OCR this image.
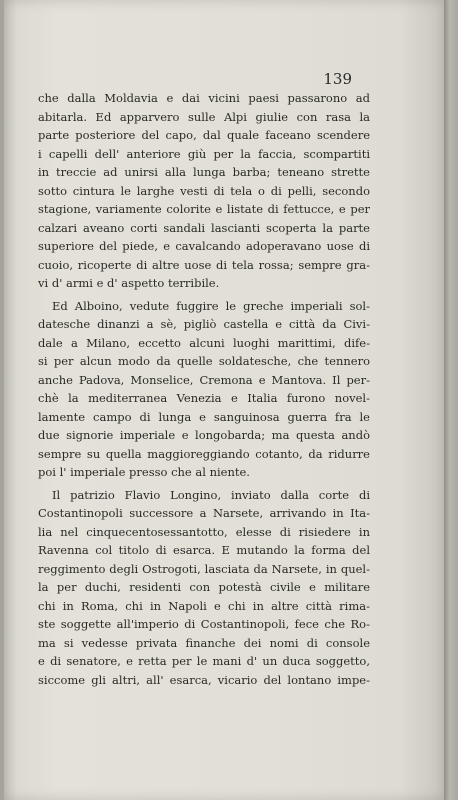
139

che dalla Moldavia e dai vicini paesi passarono ad

abitarla. Ed apparvero sulle Alpi giulie con rasa la

parte posteriore del capo, dal quale faceano scendere

i capelli dell' anteriore giù per la faccia, scompartiti

in treccie ad unirsi alla lunga barba; teneano strette

sotto cintura le larghe vesti di tela o di pelli, secondo

stagione, variamente colorite e listate di fettucce, e per

calzari aveano corti sandali lascianti scoperta la parte

superiore del piede, e cavalcando adoperavano uose di

cuoio, ricoperte di altre uose di tela rossa; sempre gra-

vi d' armi e d' aspetto terribile.

Ed Alboino, vedute fuggire le greche imperiali sol-

datesche dinanzi a sè, pigliò castella e città da Civi-

dale a Milano, eccetto alcuni luoghi marittimi, dife-

si per alcun modo da quelle soldatesche, che tennero

anche Padova, Monselice, Cremona e Mantova. Il per-

chè la mediterranea Venezia e Italia furono novel-

lamente campo di lunga e sanguinosa guerra fra le

due signorie imperiale e longobarda; ma questa andò

sempre su quella maggioreggiando cotanto, da ridurre

poi l' imperiale presso che al niente.

Il patrizio Flavio Longino, inviato dalla corte di

Costantinopoli successore a Narsete, arrivando in Ita-

lia nel cinquecentosessantotto, elesse di risiedere in

Ravenna col titolo di esarca. E mutando la forma del

reggimento degli Ostrogoti, lasciata da Narsete, in quel-

la per duchi, residenti con potestà civile e militare

chi in Roma, chi in Napoli e chi in altre città rima-

ste soggette all'imperio di Costantinopoli, fece che Ro-

ma si vedesse privata finanche dei nomi di console

e di senatore, e retta per le mani d' un duca soggetto,

siccome gli altri, all' esarca, vicario del lontano impe-
